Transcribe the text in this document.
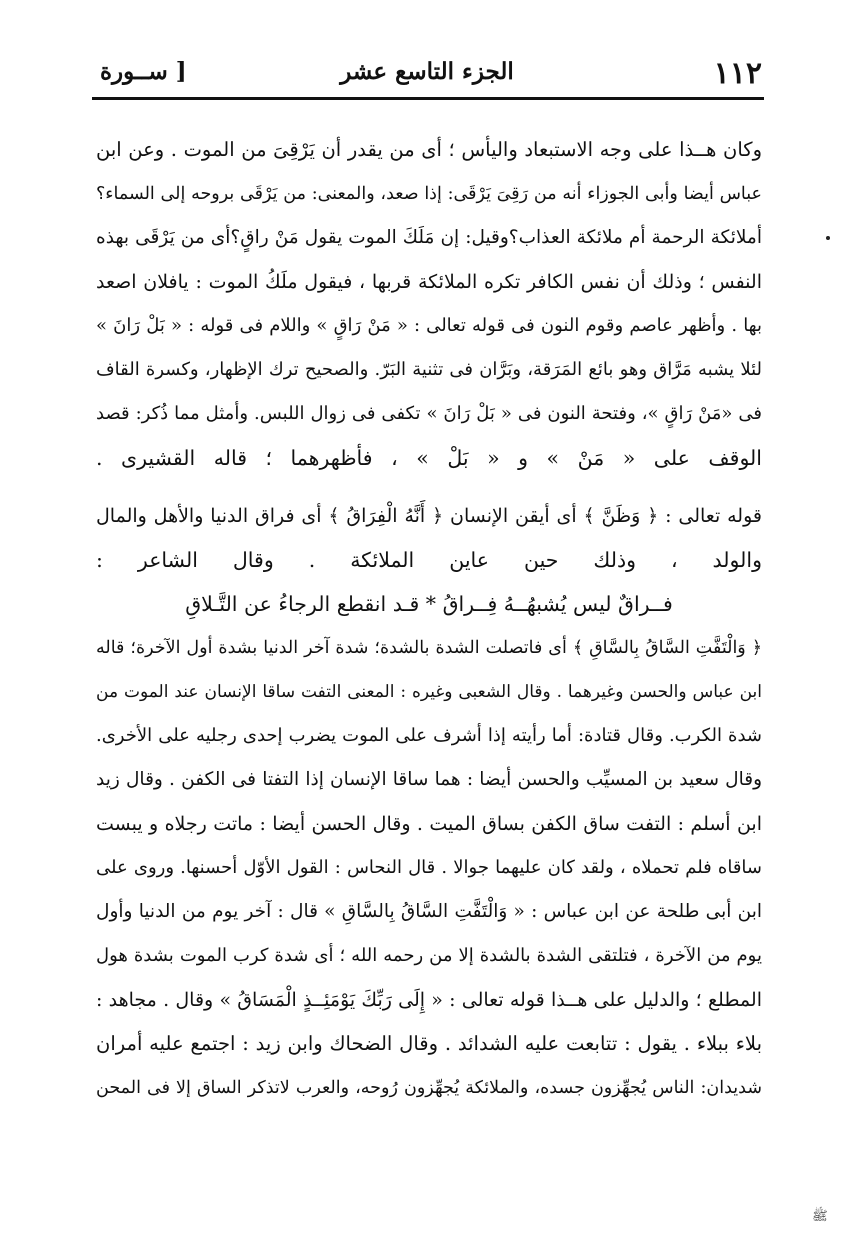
١١٢
الجزء التاسع عشر
[ ســورة
وكان هــذا على وجه الاستبعاد واليأس ؛ أى من يقدر أن يَرْقِىَ من الموت . وعن ابن
عباس أيضا وأبى الجوزاء أنه من رَقِىَ يَرْقَى: إذا صعد، والمعنى: من يَرْقَى بروحه إلى السماء؟
أملائكة الرحمة أم ملائكة العذاب؟وقيل: إن مَلَكَ الموت يقول مَنْ راقٍ؟أى من يَرْقَى بهذه
النفس ؛ وذلك أن نفس الكافر تكره الملائكة قربها ، فيقول ملَكُ الموت : يافلان اصعد
بها . وأظهر عاصم وقوم النون فى قوله تعالى : « مَنْ رَاقٍ » واللام فى قوله : « بَلْ رَانَ »
لئلا يشبه مَرَّاق وهو بائع المَرَقة، وبَرَّان فى تثنية البَرّ. والصحيح ترك الإظهار، وكسرة القاف
فى «مَنْ رَاقٍ »، وفتحة النون فى « بَلْ رَانَ » تكفى فى زوال اللبس. وأمثل مما ذُكر: قصد
الوقف على « مَنْ » و « بَلْ » ، فأظهرهما ؛ قاله القشيرى .
قوله تعالى : ﴿ وَظَنَّ ﴾ أى أيقن الإنسان ﴿ أَنَّهُ الْفِرَاقُ ﴾ أى فراق الدنيا والأهل والمال
والولد ، وذلك حين عاين الملائكة . وقال الشاعر :
فــراقٌ ليس يُشبهُــهُ فِــراقُ * قـد انقطع الرجاءُ عن التَّـلاقِ
﴿ وَالْتَفَّتِ السَّاقُ بِالسَّاقِ ﴾ أى فاتصلت الشدة بالشدة؛ شدة آخر الدنيا بشدة أول الآخرة؛ قاله
ابن عباس والحسن وغيرهما . وقال الشعبى وغيره : المعنى التفت ساقا الإنسان عند الموت من
شدة الكرب. وقال قتادة: أما رأيته إذا أشرف على الموت يضرب إحدى رجليه على الأخرى.
وقال سعيد بن المسيِّب والحسن أيضا : هما ساقا الإنسان إذا التفتا فى الكفن . وقال زيد
ابن أسلم : التفت ساق الكفن بساق الميت . وقال الحسن أيضا : ماتت رجلاه و يبست
ساقاه فلم تحملاه ، ولقد كان عليهما جوالا . قال النحاس : القول الأوّل أحسنها. وروى على
ابن أبى طلحة عن ابن عباس : « وَالْتَفَّتِ السَّاقُ بِالسَّاقِ » قال : آخر يوم من الدنيا وأول
يوم من الآخرة ، فتلتقى الشدة بالشدة إلا من رحمه الله ؛ أى شدة كرب الموت بشدة هول
المطلع ؛ والدليل على هــذا قوله تعالى : « إِلَى رَبِّكَ يَوْمَئِــذٍ الْمَسَاقُ » وقال . مجاهد :
بلاء ببلاء . يقول : تتابعت عليه الشدائد . وقال الضحاك وابن زيد : اجتمع عليه أمران
شديدان: الناس يُجهِّزون جسده، والملائكة يُجهِّزون رُوحه، والعرب لاتذكر الساق إلا فى المحن
ﷺ
